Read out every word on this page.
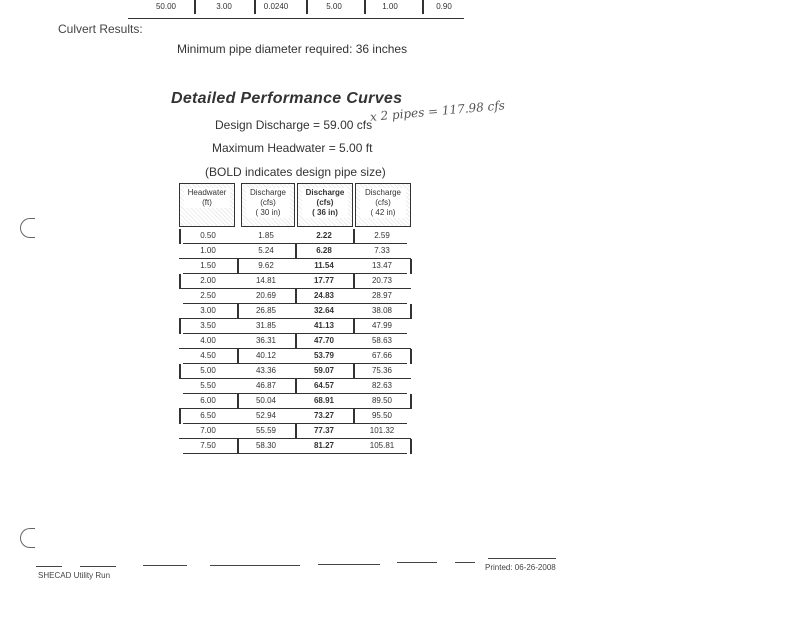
50.00	3.00	0.0240	5.00	1.00	0.90
Culvert Results:
Minimum pipe diameter required: 36 inches
Detailed Performance Curves
Design Discharge = 59.00 cfs
x 2 pipes = 117.98 cfs
Maximum Headwater = 5.00 ft
(BOLD indicates design pipe size)
Headwater
(ft)
Discharge
(cfs)
( 30 in)
Discharge
(cfs)
( 36 in)
Discharge
(cfs)
( 42 in)
0.50	1.85	2.22	2.59
1.00	5.24	6.28	7.33
1.50	9.62	11.54	13.47
2.00	14.81	17.77	20.73
2.50	20.69	24.83	28.97
3.00	26.85	32.64	38.08
3.50	31.85	41.13	47.99
4.00	36.31	47.70	58.63
4.50	40.12	53.79	67.66
5.00	43.36	59.07	75.36
5.50	46.87	64.57	82.63
6.00	50.04	68.91	89.50
6.50	52.94	73.27	95.50
7.00	55.59	77.37	101.32
7.50	58.30	81.27	105.81
SHECAD Utility Run
Printed: 06-26-2008
